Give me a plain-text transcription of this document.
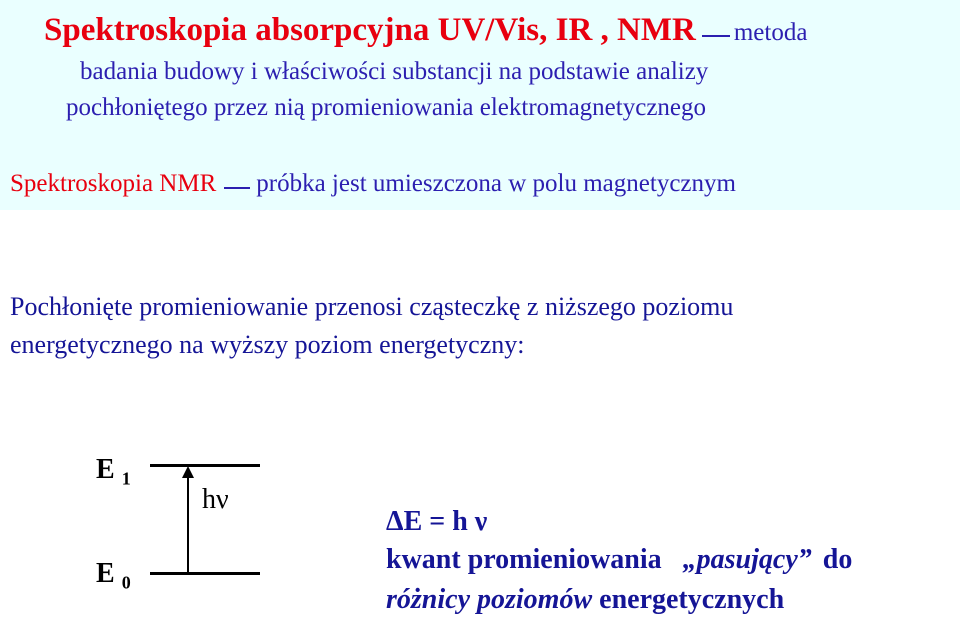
Spektroskopia absorpcyjna UV/Vis, IR , NMR metoda
badania budowy i właściwości substancji na podstawie analizy
pochłoniętego przez nią promieniowania elektromagnetycznego
Spektroskopia NMR próbka jest umieszczona w polu magnetycznym
Pochłonięte promieniowanie przenosi cząsteczkę z niższego poziomu
energetycznego na wyższy poziom energetyczny:
E $_1$
E $_0$
hν
ΔE = h ν
kwant promieniowania „pasujący” do
różnicy poziomów energetycznych
